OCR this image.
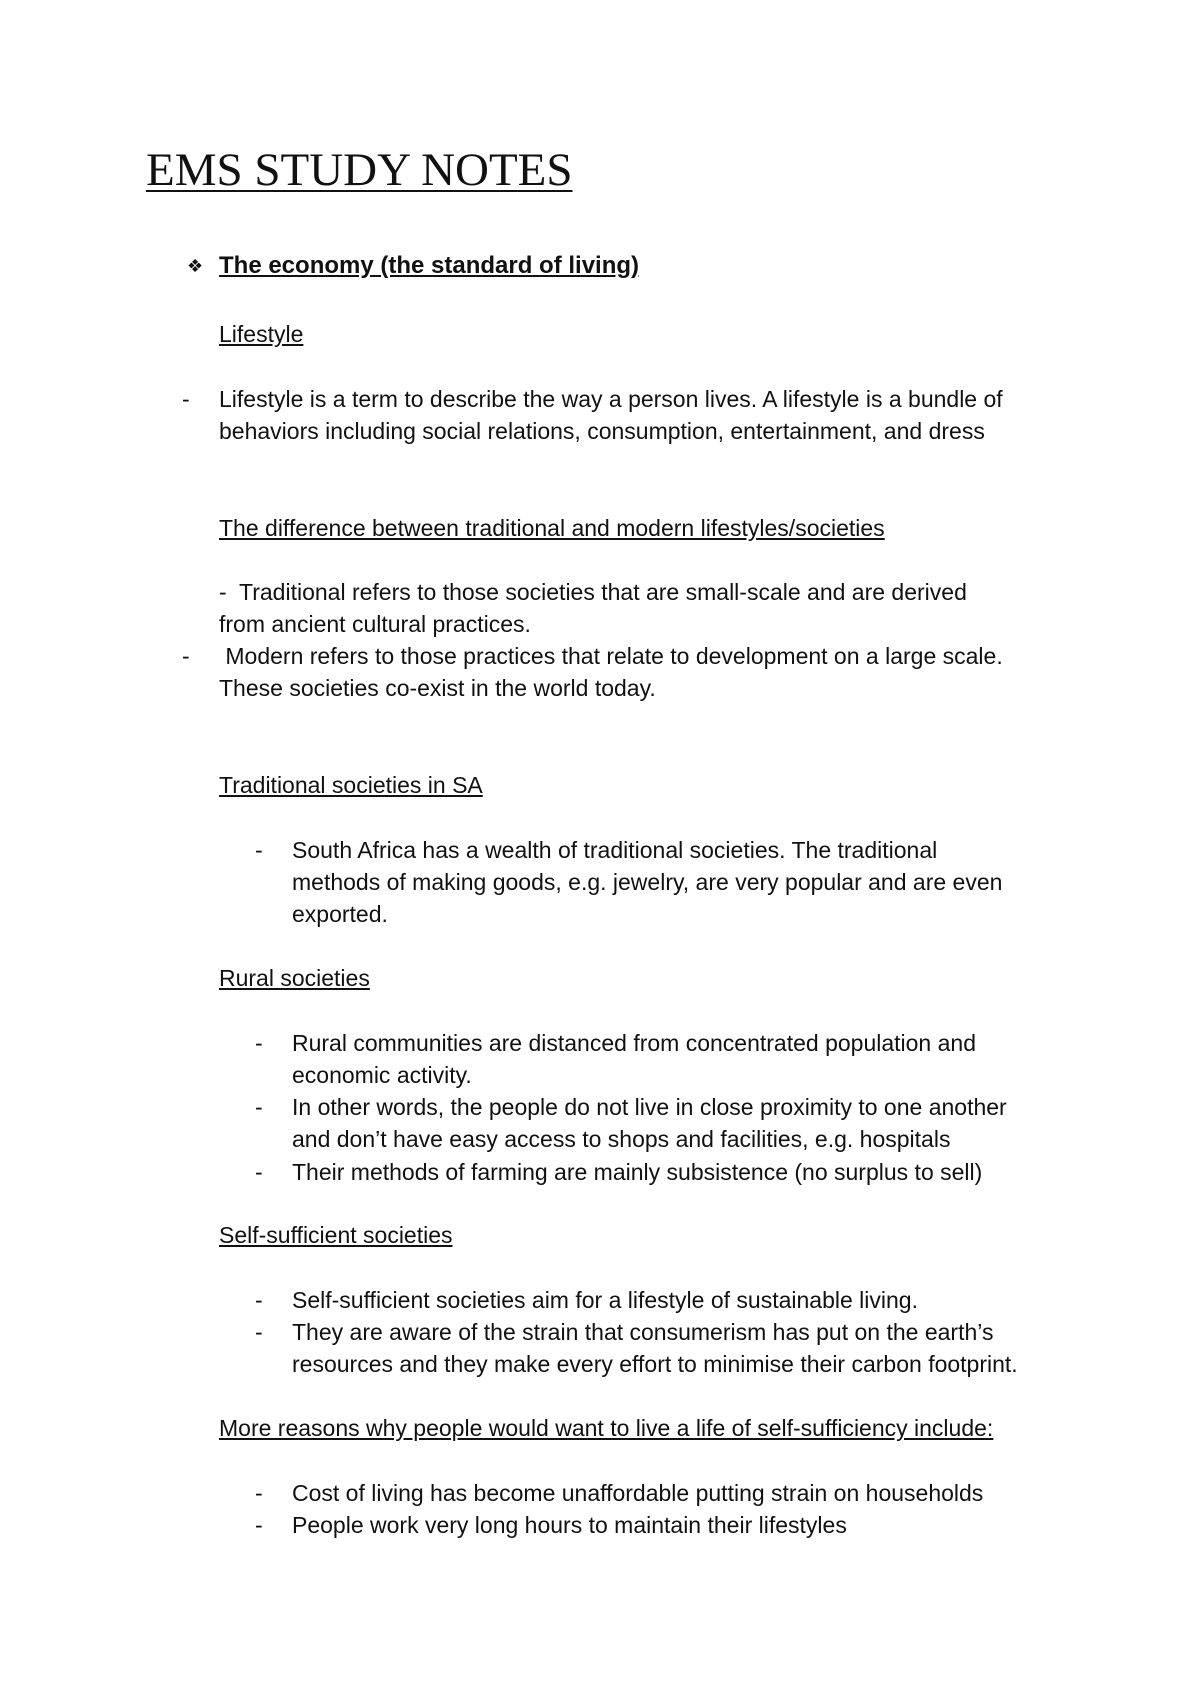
EMS STUDY NOTES
❖ The economy (the standard of living)
Lifestyle
- Lifestyle is a term to describe the way a person lives. A lifestyle is a bundle of
behaviors including social relations, consumption, entertainment, and dress
The difference between traditional and modern lifestyles/societies
-  Traditional refers to those societies that are small-scale and are derived
from ancient cultural practices.
- Modern refers to those practices that relate to development on a large scale.
These societies co-exist in the world today.
Traditional societies in SA
- South Africa has a wealth of traditional societies. The traditional
methods of making goods, e.g. jewelry, are very popular and are even
exported.
Rural societies
- Rural communities are distanced from concentrated population and
economic activity.
- In other words, the people do not live in close proximity to one another
and don’t have easy access to shops and facilities, e.g. hospitals
- Their methods of farming are mainly subsistence (no surplus to sell)
Self-sufficient societies
- Self-sufficient societies aim for a lifestyle of sustainable living.
- They are aware of the strain that consumerism has put on the earth’s
resources and they make every effort to minimise their carbon footprint.
More reasons why people would want to live a life of self-sufficiency include:
- Cost of living has become unaffordable putting strain on households
- People work very long hours to maintain their lifestyles
